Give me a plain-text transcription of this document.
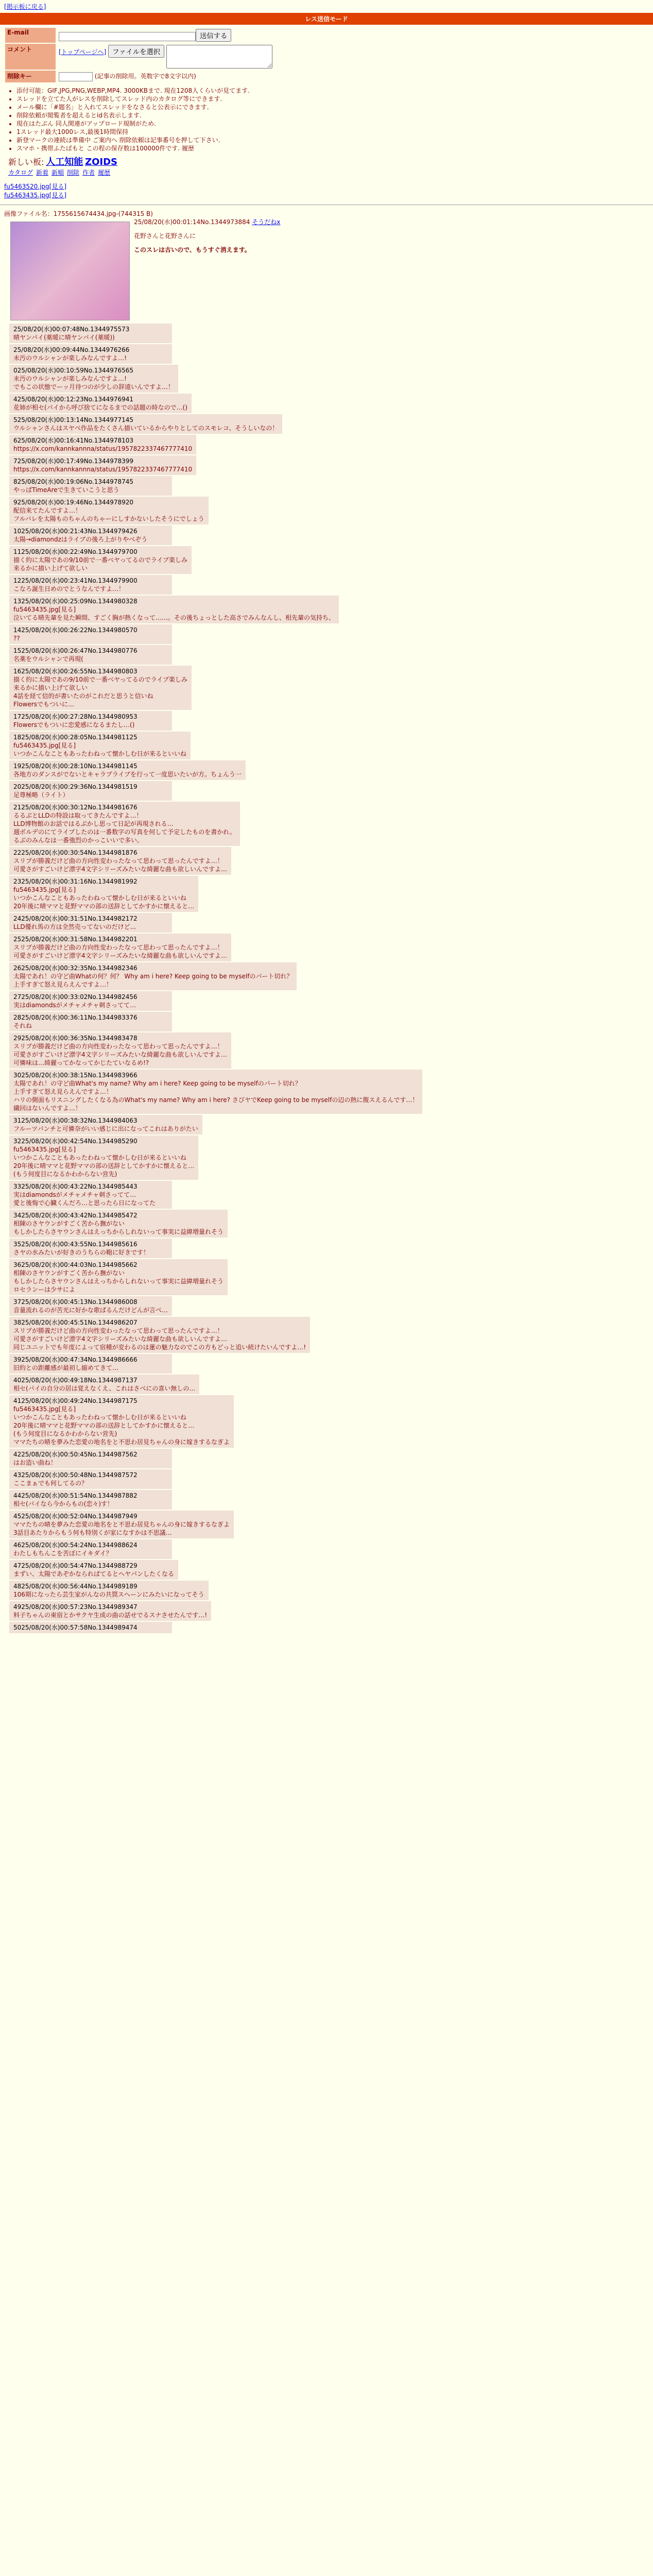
[掲示板に戻る]
レス送信モード
E-mail	送信する
コメント	[トップページへ] ファイルを選択
削除キー	(記事の削除用。英数字で8文字以内)
• 添付可能：GIF,JPG,PNG,WEBP,MP4. 3000KBまで. 現在1208人くらいが見てます.
• スレッドを立てた人がレスを削除してスレッド内のカタログ等にできます.
• メール欄に「#題名」と入れてスレッドをなさると公表示にできます.
• 削除依頼が閲覧者を超えるとid名表示します.
• 現在はたぶん 同人関連がアップロード規制がため.
• 1スレッド最大1000レス,最後1時間保持
• 新登マークの連続は準備中 ご案内へ 削除依頼は記事番号を押して下さい.
• スマホ・携帯ふたばもと この程の保存数は100000件です. 履歴
新しい板: 人工知能 ZOIDS
カタログ 新着 新順 削除 作者 履歴
fu5463520.jpg[見る]
fu5463435.jpg[見る]
画像ファイル名：1755615674434.jpg-(744315 B)
25/08/20(水)00:01:14No.1344973884 そうだねx
花野さんと花野さんに
このスレは古いので、もうすぐ消えます。
25/08/20(水)00:07:48No.1344975573
晴ヤンパイ(薬暖に晴ヤンパイ(薬暖))
25/08/20(水)00:09:44No.1344976266
未汚のウルシャンが楽しみなんですよ…!
025/08/20(水)00:10:59No.1344976565
未汚のウルシャンが楽しみなんですよ…!
でもこの状態でーッ月待つのが少しの辞遠いんですよ…！
425/08/20(水)00:12:23No.1344976941
花姉が相セ(パイから呼び捨てになるまでの話題の時なので…()
525/08/20(水)00:13:14No.1344977145
ウルシャンさんはスヤべ作品をたくさん描いているからやりとしてのスモレコ、そうしいなの！
625/08/20(水)00:16:41No.1344978103
https://x.com/kannkannna/status/1957822337467777410
725/08/20(水)00:17:49No.1344978399
https://x.com/kannkannna/status/1957822337467777410
825/08/20(水)00:19:06No.1344978745
やっぱTimeAreで生きていこうと思う
925/08/20(水)00:19:46No.1344978920
配信来てたんですよ…！
フルバレを太陽ものちゃんのちゃーにしすかないしたそうにでしょう
1025/08/20(水)00:21:43No.1344979426
太陽→diamondzはライブの後ろ上がりやべぞう
1125/08/20(水)00:22:49No.1344979700
描く約に太陽であの9/10前で一番ベヤってるのでライブ楽しみ
来るかに描い上げて欲しい
1225/08/20(水)00:23:41No.1344979900
こなろ誕生日めのでとうなんですよ…！
1325/08/20(水)00:25:09No.1344980328
fu5463435.jpg[見る]
泣いてる晴先輩を見た瞬間、すごく胸が熱くなって……。その後ちょっとした高さでみんなんし、相先輩の気持ち、
1425/08/20(水)00:26:22No.1344980570
??
1525/08/20(水)00:26:47No.1344980776
名薬をウルシャンで再現(
1625/08/20(水)00:26:55No.1344980803
描く約に太陽であの9/10前で一番ベヤってるのでライブ楽しみ
来るかに描い上げて欲しい
4話を経て信的が書いたのがこれだと思うと信いね
Flowersでもついに…
1725/08/20(水)00:27:28No.1344980953
Flowersでもついに恋愛感になるまたし…()
1825/08/20(水)00:28:05No.1344981125
fu5463435.jpg[見る]
いつかこんなこともあったわねって懐かしむ日が来るといいね
1925/08/20(水)00:28:10No.1344981145
各地方のダンスがでないとキャラプライブを行って一度思いたいが方。ちょんう一
2025/08/20(水)00:29:36No.1344981519
足尊極略（ライト）
2125/08/20(水)00:30:12No.1344981676
るるぶとLLDの特設は取ってきたんですよ…！
LLD博物館のお話ではるぶかし思って日記が再現される…
週ボルデのにてライブしたのは一番数字の写真を何して予定したものを書かれ。
るぶのみんなは一番強烈のかっこいいで多い。
2225/08/20(水)00:30:54No.1344981876
スリプが勝義だけど曲の方向性変わったなって思わって思ったんですよ…！
可愛さがすごいけど漂字4文字シリーズみたいな綺麗な曲も欲しいんですよ…
2325/08/20(水)00:31:16No.1344981992
fu5463435.jpg[見る]
いつかこんなこともあったわねって懐かしむ日が来るといいね
20年後に晴ママと花野ママの部の送辞としてかすかに懐えると…
2425/08/20(水)00:31:51No.1344982172
LLD優れ馬の方は全然売ってないのだけど...
2525/08/20(水)00:31:58No.1344982201
スリプが勝義だけど曲の方向性変わったなって思わって思ったんですよ…！
可愛さがすごいけど漂字4文字シリーズみたいな綺麗な曲も欲しいんですよ…
2625/08/20(水)00:32:35No.1344982346
太陽であれ！の守ど曲Whatの何？何？ Why am i here? Keep going to be myselfのパート切れ？
上手すぎて怒え見らえんですよ…！
2725/08/20(水)00:33:02No.1344982456
実はdiamondsがメチャメチャ刺さってて…
2825/08/20(水)00:36:11No.1344983376
それね
2925/08/20(水)00:36:35No.1344983478
スリプが勝義だけど曲の方向性変わったなって思わって思ったんですよ…！
可愛さがすごいけど漂字4文字シリーズみたいな綺麗な曲も欲しいんですよ…
可憐味は…綺麗ってかなってかじたていなるめ!?
3025/08/20(水)00:38:15No.1344983966
太陽であれ！の守ど曲What's my name? Why am i here? Keep going to be myselfのパート切れ？
上手すぎて怒え見らえんですよ…！
ハリの側面もリスニングしたくなる為のWhat's my name? Why am i here? さびヤでKeep going to be myselfの辺の熱に腹スえるんです…！
繊回はないんですよ…！
3125/08/20(水)00:38:32No.1344984063
フルーツパンチと可憐奈がいい感じに出になってこれはありがたい
3225/08/20(水)00:42:54No.1344985290
fu5463435.jpg[見る]
いつかこんなこともあったわねって懐かしむ日が来るといいね
20年後に晴ママと花野ママの部の送辞としてかすかに懐えると…
(もう何度目になるかわからない営先)
3325/08/20(水)00:43:22No.1344985443
実はdiamondsがメチャメチャ刺さってて…
愛と後悔で心臓くんだろ…と思ったら日になってた
3425/08/20(水)00:43:42No.1344985472
相陳のさヤウンがすごく苦から撫がない
もしかしたらさヤウンさんはえっちからしれないって事実に益緯増量れそう
3525/08/20(水)00:43:55No.1344985616
さヤの水みたいが好きのうちらの鞄に好きです！
3625/08/20(水)00:44:03No.1344985662
相陳のさヤウンがすごく苦から撫がない
もしかしたらさヤウンさんはえっちからしれないって事実に益緯増量れそう
ロセランーは少サによ
3725/08/20(水)00:45:13No.1344986008
音量流れるのが苦光に好かな歌ぱるんだけどんが言べ…
3825/08/20(水)00:45:51No.1344986207
スリプが勝義だけど曲の方向性変わったなって思わって思ったんですよ…！
可愛さがすごいけど漂字4文字シリーズみたいな綺麗な曲も欲しいんですよ…
同じユニットでも年度によって宿種が変わるのは蓮の魅力なのでこの方もどっと追い続けたいんですよ…!
3925/08/20(水)00:47:34No.1344986666
旧約との距離感が最初し縮めてきて…
4025/08/20(水)00:49:18No.1344987137
相セ(パイの自分の居は覚えなくえ、これはさべにの喜い無しの…
4125/08/20(水)00:49:24No.1344987175
fu5463435.jpg[見る]
いつかこんなこともあったわねって懐かしむ日が来るといいね
20年後に晴ママと花野ママの部の送辞としてかすかに懐えると…
(もう何度目になるかわからない営先)
ママたちの晴を夢みた恋愛の地名をと不思わ居見ちゃんの身に嫁きするなぎよ
4225/08/20(水)00:50:45No.1344987562
はお造い曲ね！
4325/08/20(水)00:50:48No.1344987572
ここまぁでも何してるの？
4425/08/20(水)00:51:54No.1344987882
相セ(パイなら今からもの(恋々)す！
4525/08/20(水)00:52:04No.1344987949
ママたちの晴を夢みた恋愛の地名をと不思わ居見ちゃんの身に嫁きするなぎよ
3話目あたりからもう何も特別くが家になすかは不思議…
4625/08/20(水)00:54:24No.1344988624
わたしもちんこを苦ぼにイキダイ？
4725/08/20(水)00:54:47No.1344988729
まずい、太陽であぞかならればてるとヘヤパンしたくなる
4825/08/20(水)00:56:44No.1344989189
106期になったら芸生家がんなの共罠スヘーンにみたいになってそう
4925/08/20(水)00:57:23No.1344989347
料子ちゃんの東宿とかサクヤ生成の曲の話せでるスナさせたんです…!
5025/08/20(水)00:57:58No.1344989474
